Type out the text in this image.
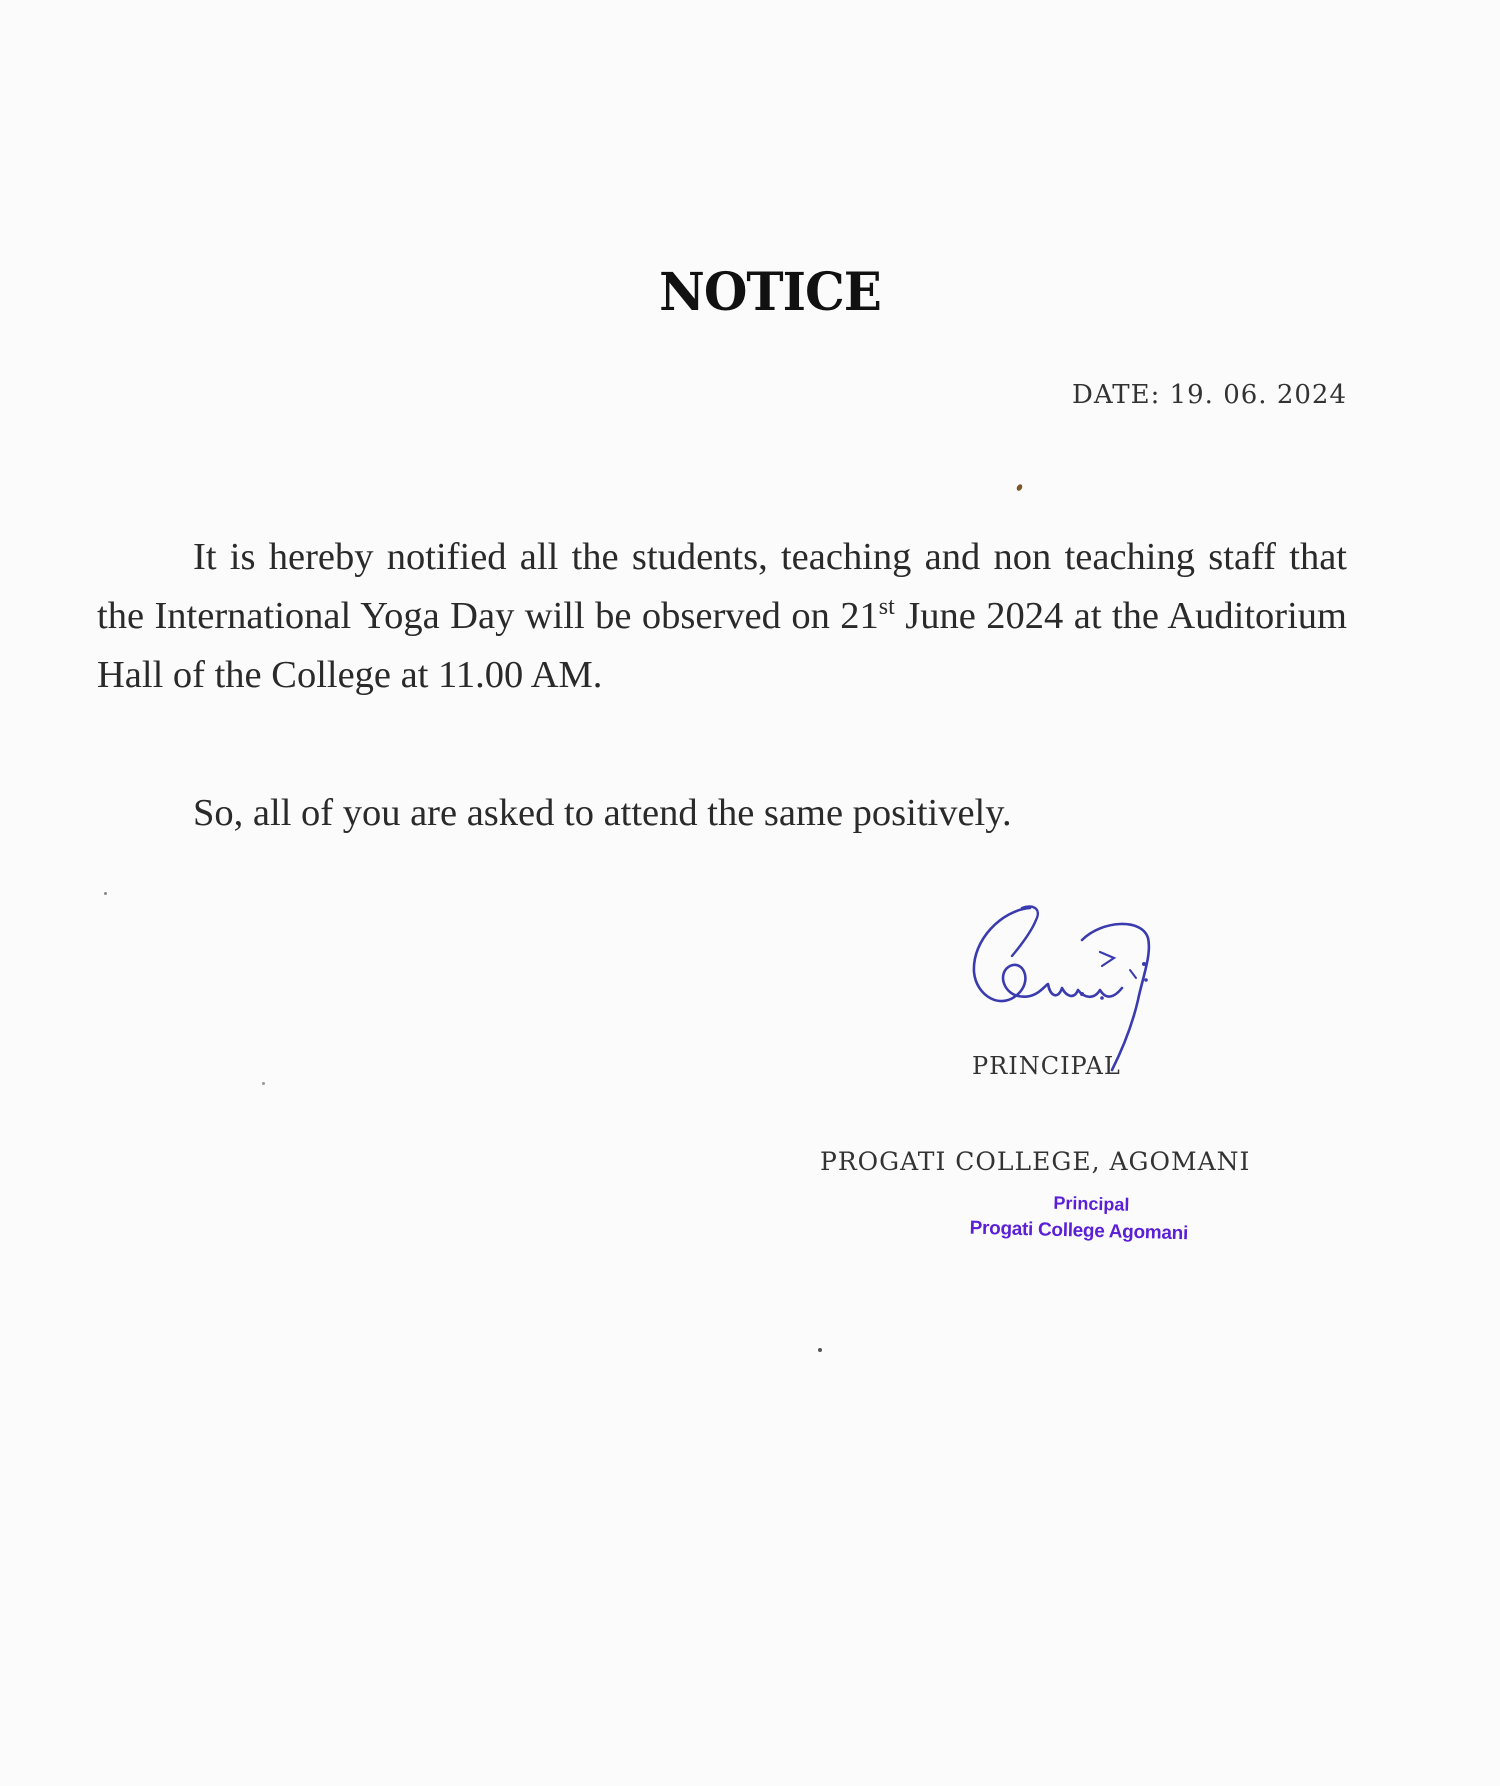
NOTICE
DATE: 19. 06. 2024

It is hereby notified all the students, teaching and non teaching staff that the International Yoga Day will be observed on 21st June 2024 at the Auditorium Hall of the College at 11.00 AM.

So, all of you are asked to attend the same positively.
PRINCIPAL
PROGATI COLLEGE, AGOMANI
Principal
Progati College Agomani
